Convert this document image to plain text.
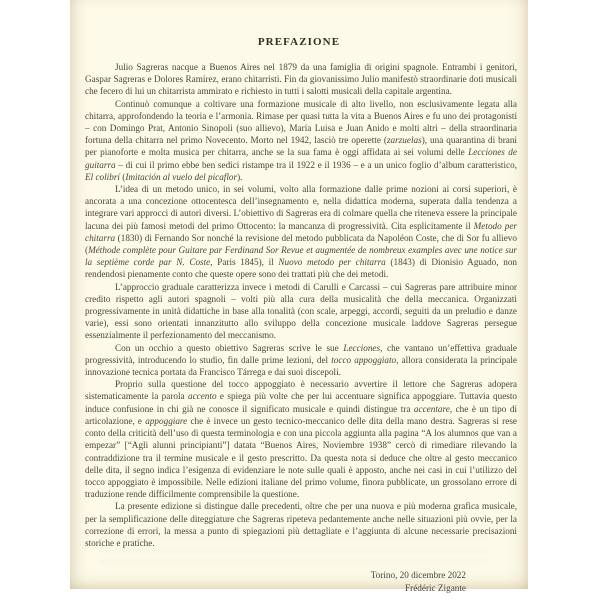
PREFAZIONE

Julio Sagreras nacque a Buenos Aires nel 1879 da una famiglia di origini spagnole. Entrambi i genitori, Gaspar Sagreras e Dolores Ramírez, erano chitarristi. Fin da giovanissimo Julio manifestò straordinarie doti musicali che fecero di lui un chitarrista ammirato e richiesto in tutti i salotti musicali della capitale argentina.

Continuò comunque a coltivare una formazione musicale di alto livello, non esclusivamente legata alla chitarra, approfondendo la teoria e l’armonia. Rimase per quasi tutta la vita a Buenos Aires e fu uno dei protagonisti – con Domingo Prat, Antonio Sinopoli (suo allievo), María Luisa e Juan Anido e molti altri – della straordinaria fortuna della chitarra nel primo Novecento. Morto nel 1942, lasciò tre operette (zarzuelas), una quarantina di brani per pianoforte e molta musica per chitarra, anche se la sua fama è oggi affidata ai sei volumi delle Lecciones de guitarra – di cui il primo ebbe ben sedici ristampe tra il 1922 e il 1936 – e a un unico foglio d’album caratteristico, El colibrí (Imitación al vuelo del picaflor).

L’idea di un metodo unico, in sei volumi, volto alla formazione dalle prime nozioni ai corsi superiori, è ancorata a una concezione ottocentesca dell’insegnamento e, nella didattica moderna, superata dalla tendenza a integrare vari approcci di autori diversi. L’obiettivo di Sagreras era di colmare quella che riteneva essere la principale lacuna dei più famosi metodi del primo Ottocento: la mancanza di progressività. Cita esplicitamente il Metodo per chitarra (1830) di Fernando Sor nonché la revisione del metodo pubblicata da Napoléon Coste, che di Sor fu allievo (Méthode complète pour Guitare par Ferdinand Sor Revue et augmentée de nombreux examples avec une notice sur la septième corde par N. Coste, Paris 1845), il Nuovo metodo per chitarra (1843) di Dionisio Aguado, non rendendosi pienamente conto che queste opere sono dei trattati più che dei metodi.

L’approccio graduale caratterizza invece i metodi di Carulli e Carcassi – cui Sagreras pare attribuire minor credito rispetto agli autori spagnoli – volti più alla cura della musicalità che della meccanica. Organizzati progressivamente in unità didattiche in base alla tonalità (con scale, arpeggi, accordi, seguiti da un preludio e danze varie), essi sono orientati innanzitutto allo sviluppo della concezione musicale laddove Sagreras persegue essenzialmente il perfezionamento del meccanismo.

Con un occhio a questo obiettivo Sagreras scrive le sue Lecciones, che vantano un’effettiva graduale progressività, introducendo lo studio, fin dalle prime lezioni, del tocco appoggiato, allora considerata la principale innovazione tecnica portata da Francisco Tárrega e dai suoi discepoli.

Proprio sulla questione del tocco appoggiato è necessario avvertire il lettore che Sagreras adopera sistematicamente la parola accento e spiega più volte che per lui accentuare significa appoggiare. Tuttavia questo induce confusione in chi già ne conosce il significato musicale e quindi distingue tra accentare, che è un tipo di articolazione, e appoggiare che è invece un gesto tecnico-meccanico delle dita della mano destra. Sagreras si rese conto della criticità dell’uso di questa terminologia e con una piccola aggiunta alla pagina “A los alumnos que van a empezar” [“Agli alunni principianti”] datata “Buenos Aires, Noviembre 1938” cercò di rimediare rilevando la contraddizione tra il termine musicale e il gesto prescritto. Da questa nota si deduce che oltre al gesto meccanico delle dita, il segno indica l’esigenza di evidenziare le note sulle quali è apposto, anche nei casi in cui l’utilizzo del tocco appoggiato è impossibile. Nelle edizioni italiane del primo volume, finora pubblicate, un grossolano errore di traduzione rende difficilmente comprensibile la questione.

La presente edizione si distingue dalle precedenti, oltre che per una nuova e più moderna grafica musicale, per la semplificazione delle diteggiature che Sagreras ripeteva pedantemente anche nelle situazioni più ovvie, per la correzione di errori, la messa a punto di spiegazioni più dettagliate e l’aggiunta di alcune necessarie precisazioni storiche e pratiche.

Torino, 20 dicembre 2022
Frédéric Zigante
